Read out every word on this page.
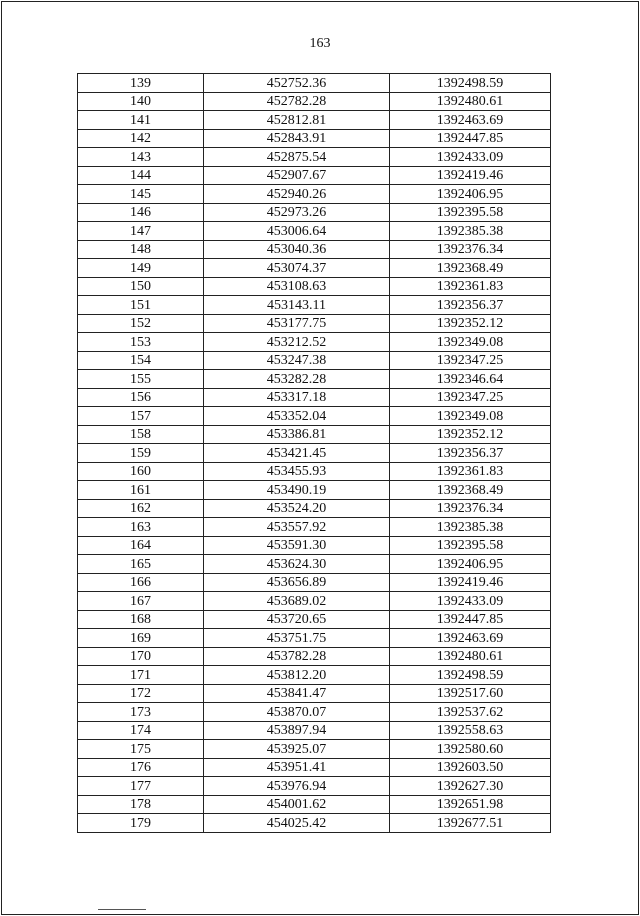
163
139	452752.36	1392498.59
140	452782.28	1392480.61
141	452812.81	1392463.69
142	452843.91	1392447.85
143	452875.54	1392433.09
144	452907.67	1392419.46
145	452940.26	1392406.95
146	452973.26	1392395.58
147	453006.64	1392385.38
148	453040.36	1392376.34
149	453074.37	1392368.49
150	453108.63	1392361.83
151	453143.11	1392356.37
152	453177.75	1392352.12
153	453212.52	1392349.08
154	453247.38	1392347.25
155	453282.28	1392346.64
156	453317.18	1392347.25
157	453352.04	1392349.08
158	453386.81	1392352.12
159	453421.45	1392356.37
160	453455.93	1392361.83
161	453490.19	1392368.49
162	453524.20	1392376.34
163	453557.92	1392385.38
164	453591.30	1392395.58
165	453624.30	1392406.95
166	453656.89	1392419.46
167	453689.02	1392433.09
168	453720.65	1392447.85
169	453751.75	1392463.69
170	453782.28	1392480.61
171	453812.20	1392498.59
172	453841.47	1392517.60
173	453870.07	1392537.62
174	453897.94	1392558.63
175	453925.07	1392580.60
176	453951.41	1392603.50
177	453976.94	1392627.30
178	454001.62	1392651.98
179	454025.42	1392677.51
